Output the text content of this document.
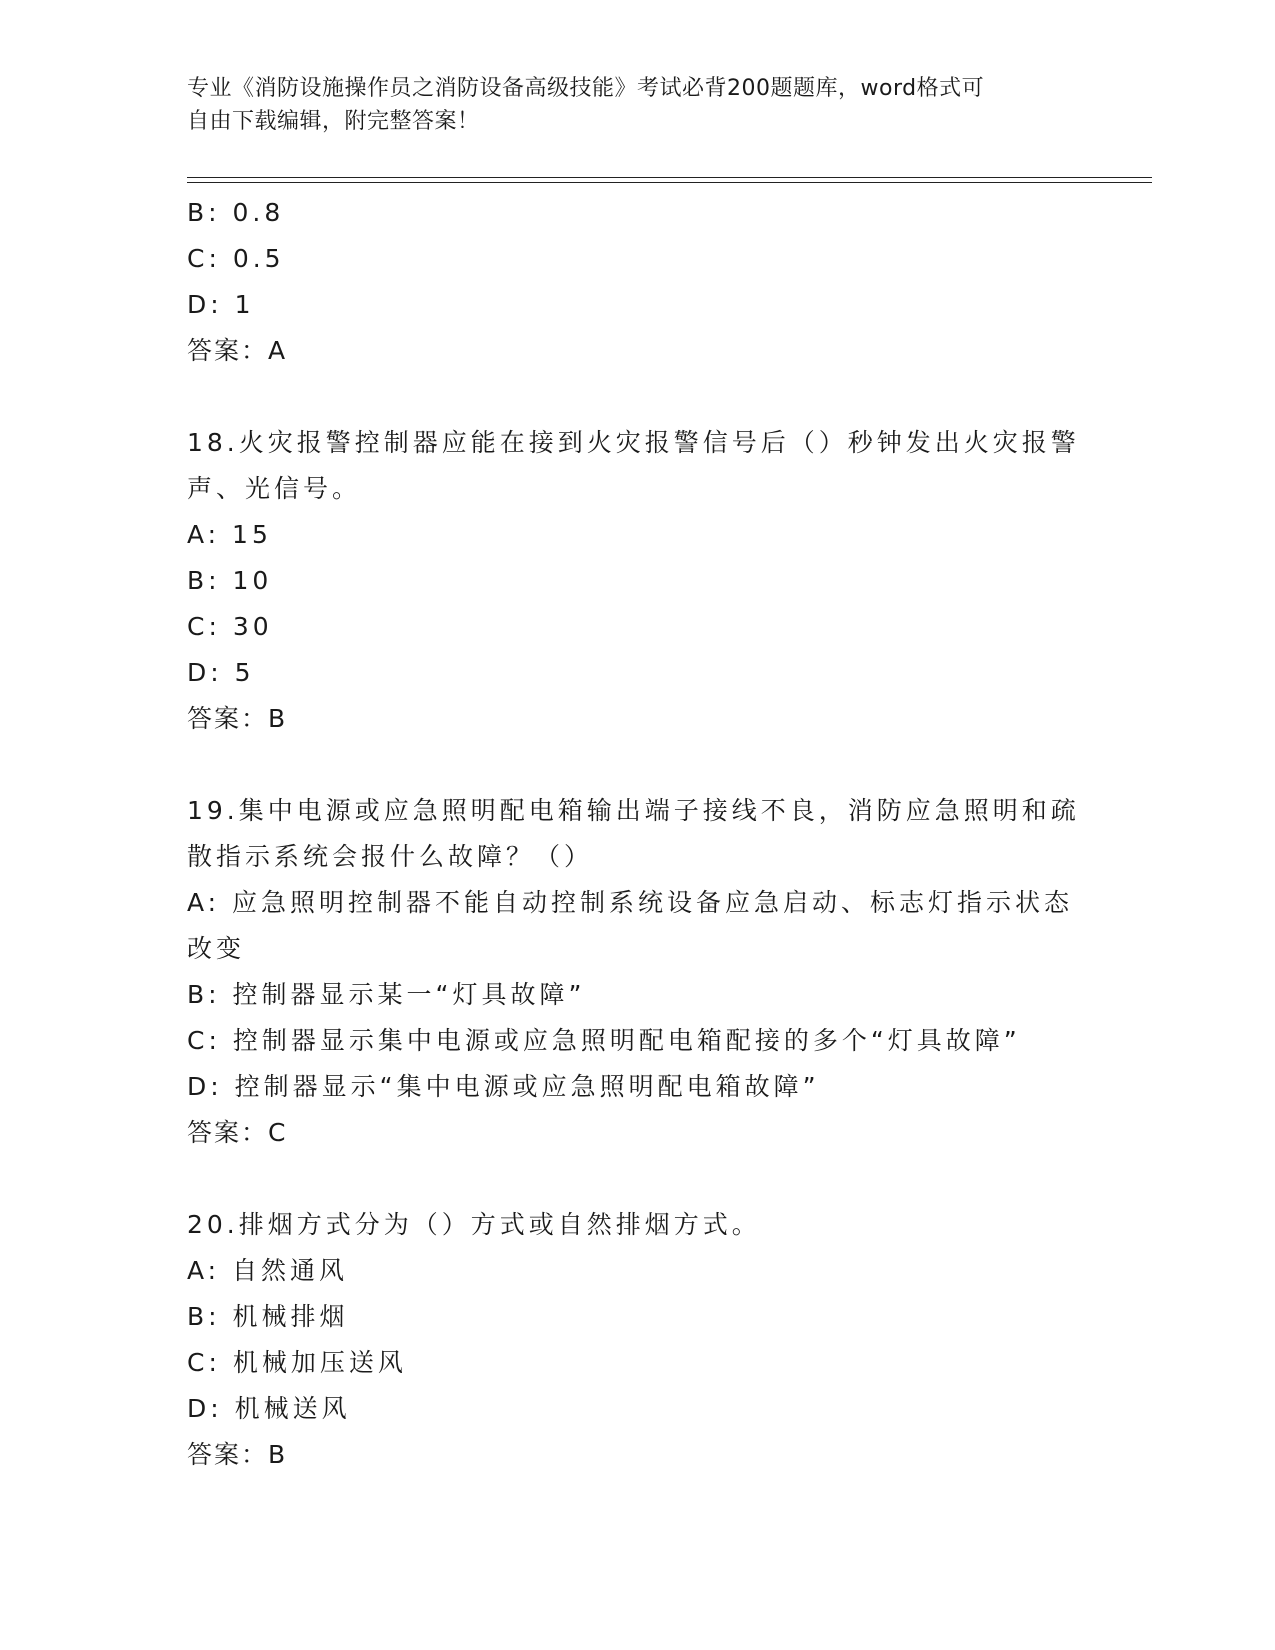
专业《消防设施操作员之消防设备高级技能》考试必背200题题库，word格式可
自由下载编辑，附完整答案！
B: 0.8
C: 0.5
D: 1
答案：A
18.火灾报警控制器应能在接到火灾报警信号后（）秒钟发出火灾报警
声、光信号。
A: 15
B: 10
C: 30
D: 5
答案：B
19.集中电源或应急照明配电箱输出端子接线不良，消防应急照明和疏
散指示系统会报什么故障？（）
A: 应急照明控制器不能自动控制系统设备应急启动、标志灯指示状态
改变
B: 控制器显示某一“灯具故障”
C: 控制器显示集中电源或应急照明配电箱配接的多个“灯具故障”
D: 控制器显示“集中电源或应急照明配电箱故障”
答案：C
20.排烟方式分为（）方式或自然排烟方式。
A: 自然通风
B: 机械排烟
C: 机械加压送风
D: 机械送风
答案：B
